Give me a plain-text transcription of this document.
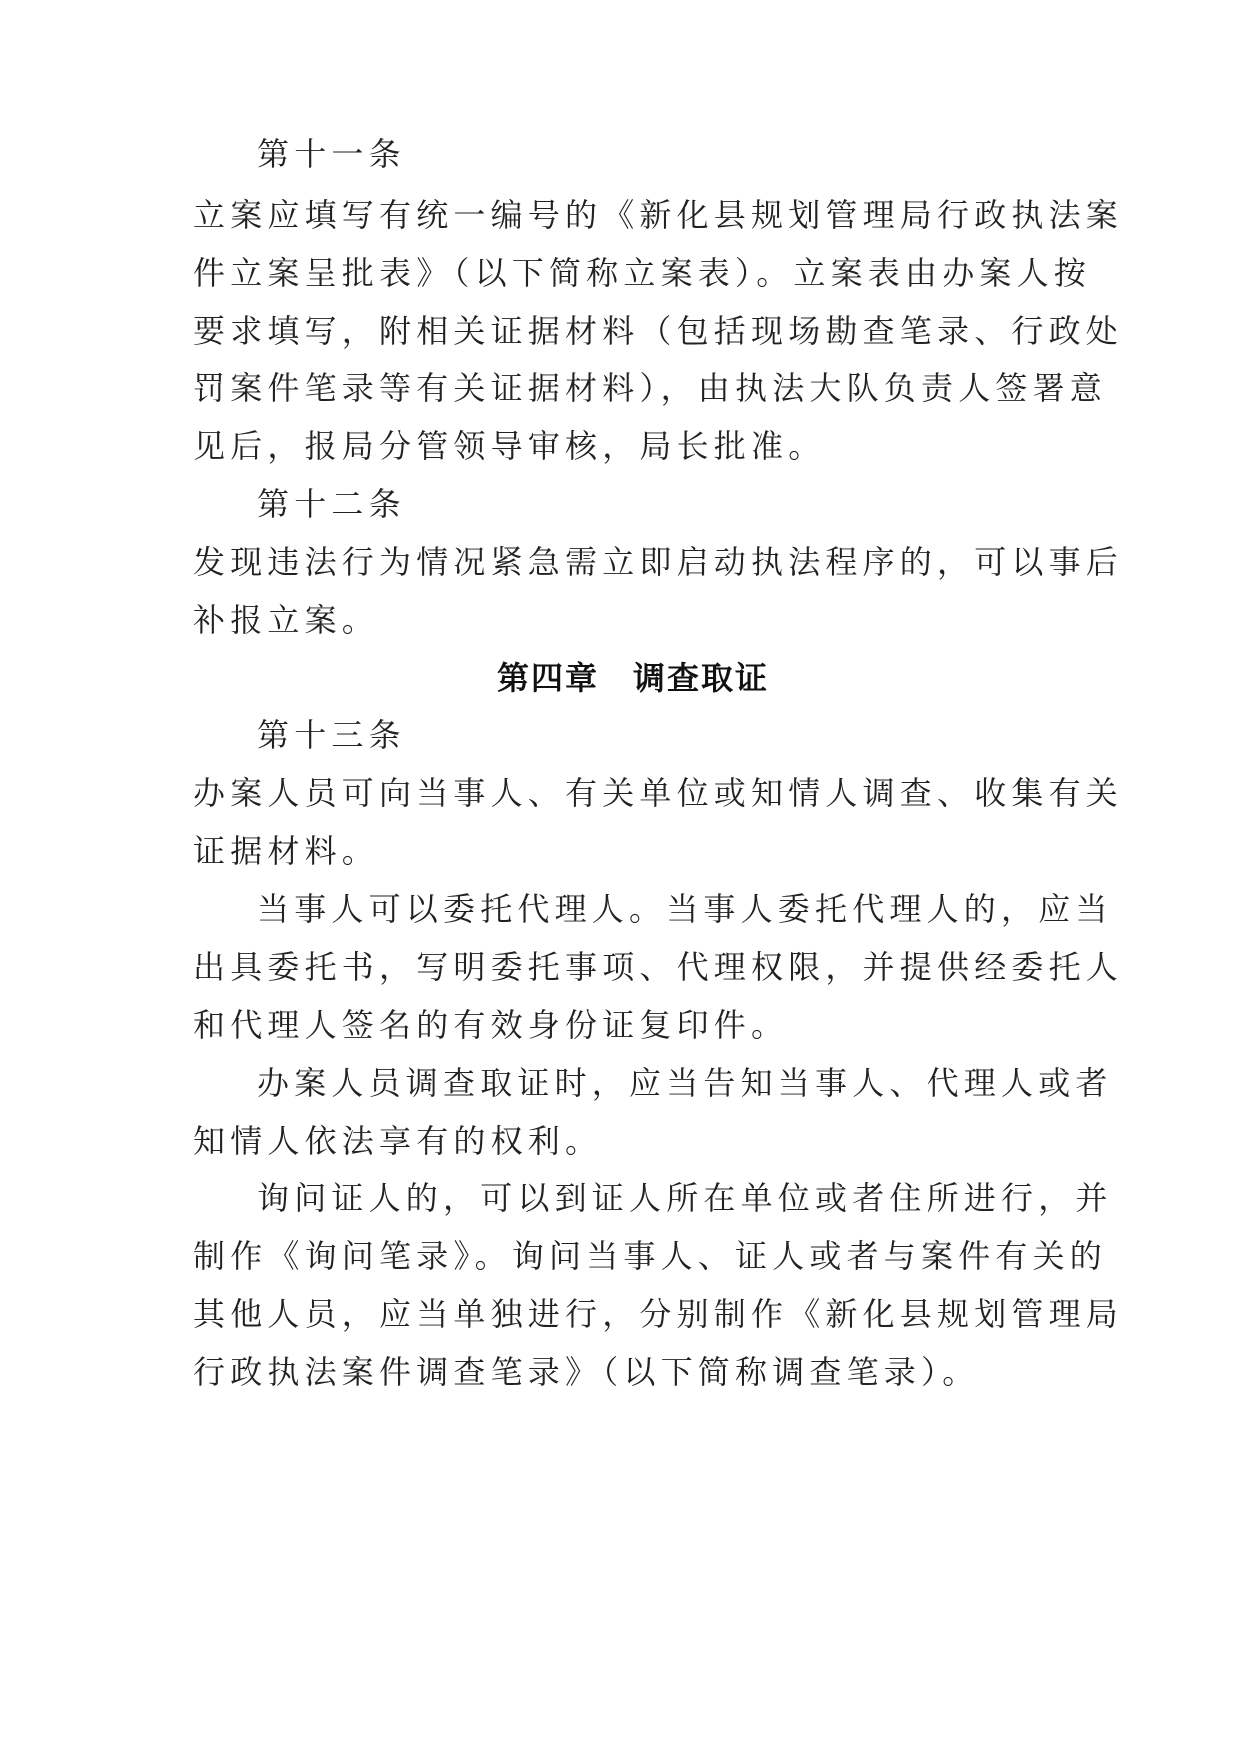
第十一条
立案应填写有统一编号的《新化县规划管理局行政执法案
件立案呈批表》（以下简称立案表）。立案表由办案人按
要求填写，附相关证据材料（包括现场勘查笔录、行政处
罚案件笔录等有关证据材料），由执法大队负责人签署意
见后，报局分管领导审核，局长批准。
第十二条
发现违法行为情况紧急需立即启动执法程序的，可以事后
补报立案。
第四章　调查取证
第十三条
办案人员可向当事人、有关单位或知情人调查、收集有关
证据材料。
当事人可以委托代理人。当事人委托代理人的，应当
出具委托书，写明委托事项、代理权限，并提供经委托人
和代理人签名的有效身份证复印件。
办案人员调查取证时，应当告知当事人、代理人或者
知情人依法享有的权利。
询问证人的，可以到证人所在单位或者住所进行，并
制作《询问笔录》。询问当事人、证人或者与案件有关的
其他人员，应当单独进行，分别制作《新化县规划管理局
行政执法案件调查笔录》（以下简称调查笔录）。
